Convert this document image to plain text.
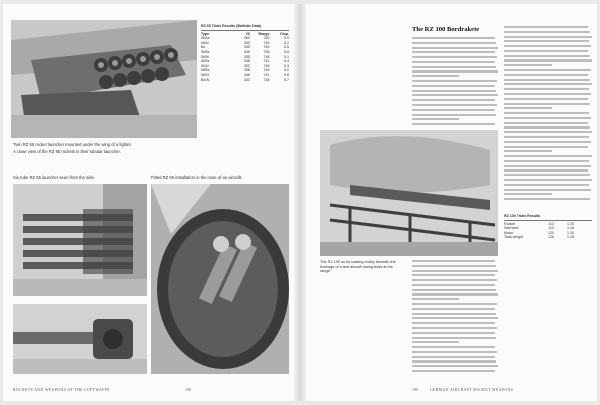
RZ 65 Trials Results (Ballistic Data)
Type	V0	Range	Disp.
Ni/As	360	750	5.0
Ni/Al	350	745	5.2
Bz	345	740	5.5
St/Bz	340	735	5.8
St/Ni	355	748	5.1
Al/Bz	348	742	5.4
St/Al	352	746	5.3
Ni/Bz	358	749	5.0
Ni/St	346	741	5.6
Bz/Al	343	738	5.7
Twin RZ 65 rocket launcher mounted under the wing of a fighter.
A close view of the RZ 65 rockets in their tubular launcher.
Six-tube RZ 65 launcher seen from the side.	Fitted RZ 65 installation in the nose of an aircraft.
ROCKETS AND WEAPONS OF THE LUFTWAFFE	108
The RZ 100 Bordrakete
The RZ 100 on its loading trolley beneath the fuselage of a test aircraft during trials at the range.
RZ 100 Trials Results
Rocket	112	1.20
Warhead	113	1.16
Motor	120	1.30
Total weight	125	1.18
GERMAN AIRCRAFT ROCKET WEAPONS
109
